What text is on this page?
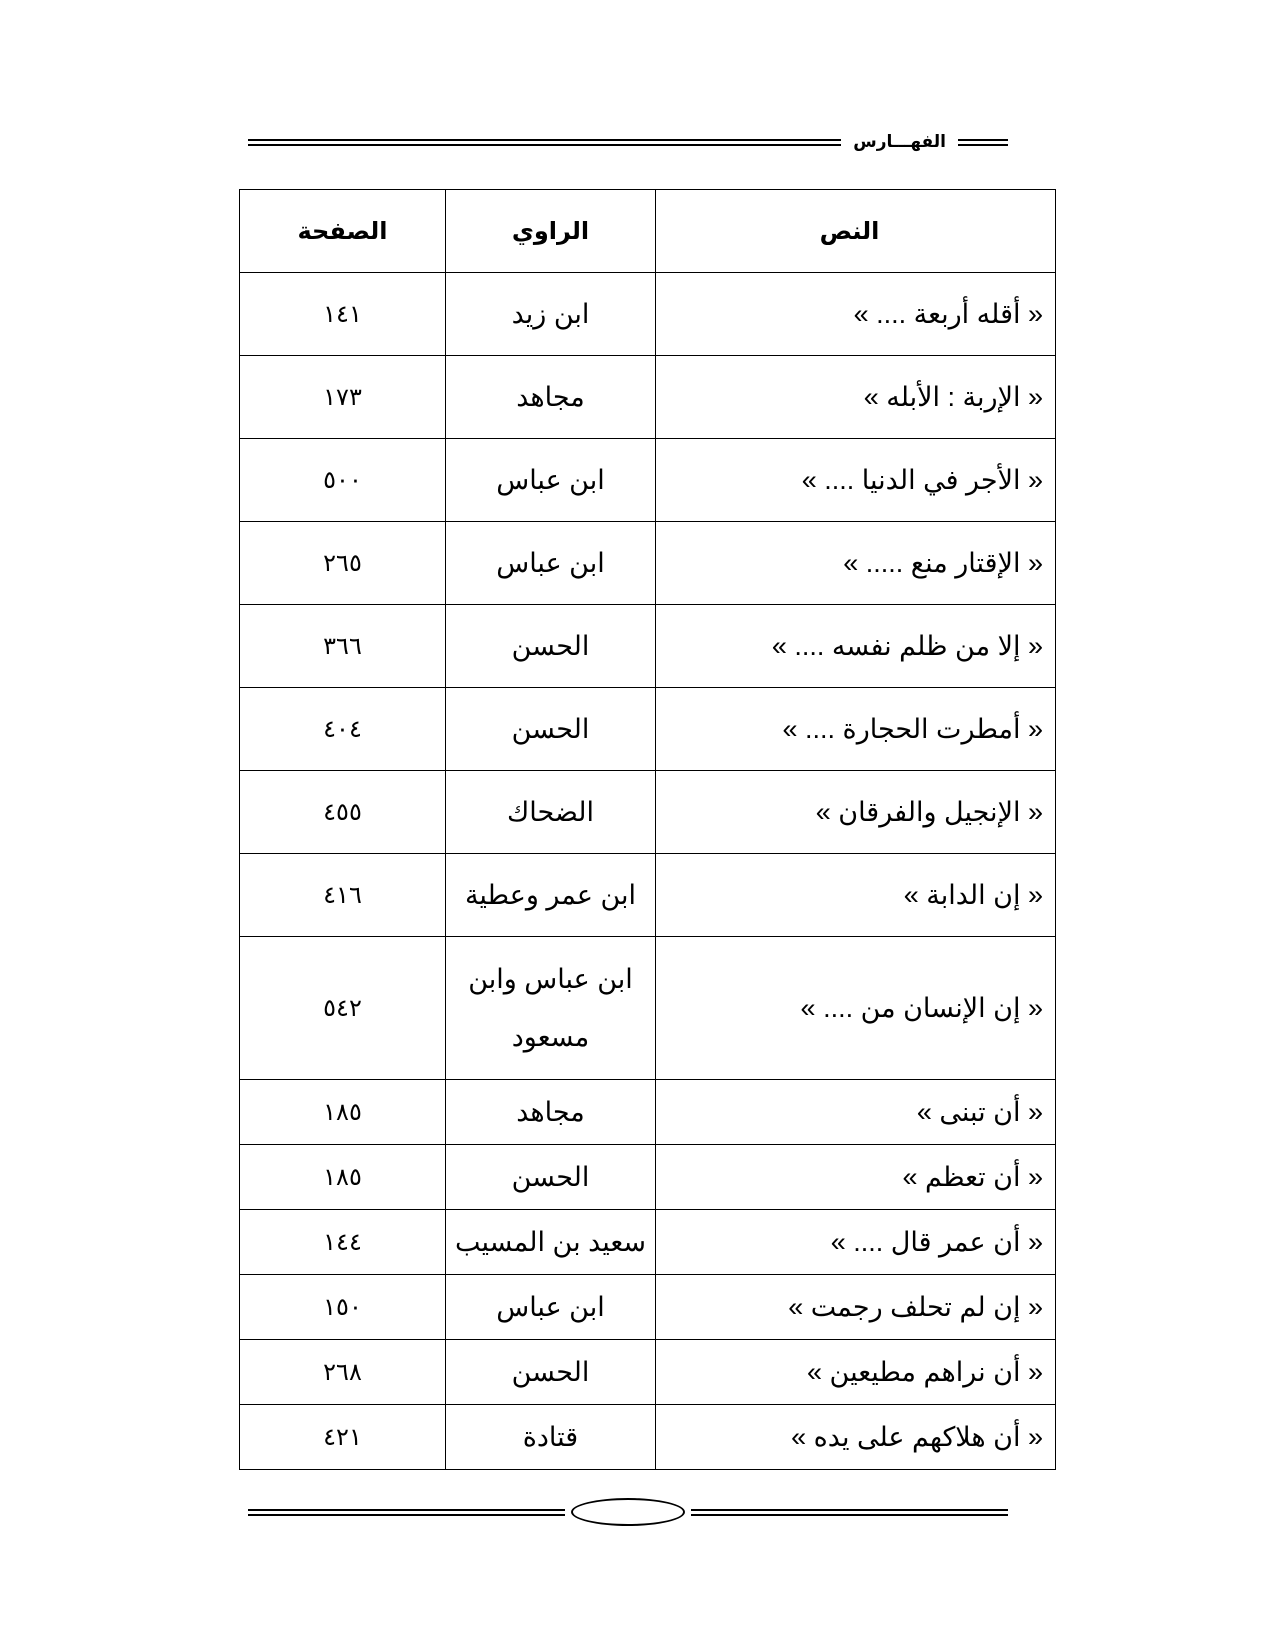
الفهـــارس
النص	الراوي	الصفحة
« أقله أربعة .... »	ابن زيد	١٤١
« الإربة : الأبله »	مجاهد	١٧٣
« الأجر في الدنيا .... »	ابن عباس	٥٠٠
« الإقتار منع ..... »	ابن عباس	٢٦٥
« إلا من ظلم نفسه .... »	الحسن	٣٦٦
« أمطرت الحجارة .... »	الحسن	٤٠٤
« الإنجيل والفرقان »	الضحاك	٤٥٥
« إن الدابة »	ابن عمر وعطية	٤١٦
« إن الإنسان من .... »	ابن عباس وابن مسعود	٥٤٢
« أن تبنى »	مجاهد	١٨٥
« أن تعظم »	الحسن	١٨٥
« أن عمر قال .... »	سعيد بن المسيب	١٤٤
« إن لم تحلف رجمت »	ابن عباس	١٥٠
« أن نراهم مطيعين »	الحسن	٢٦٨
« أن هلاكهم على يده »	قتادة	٤٢١
